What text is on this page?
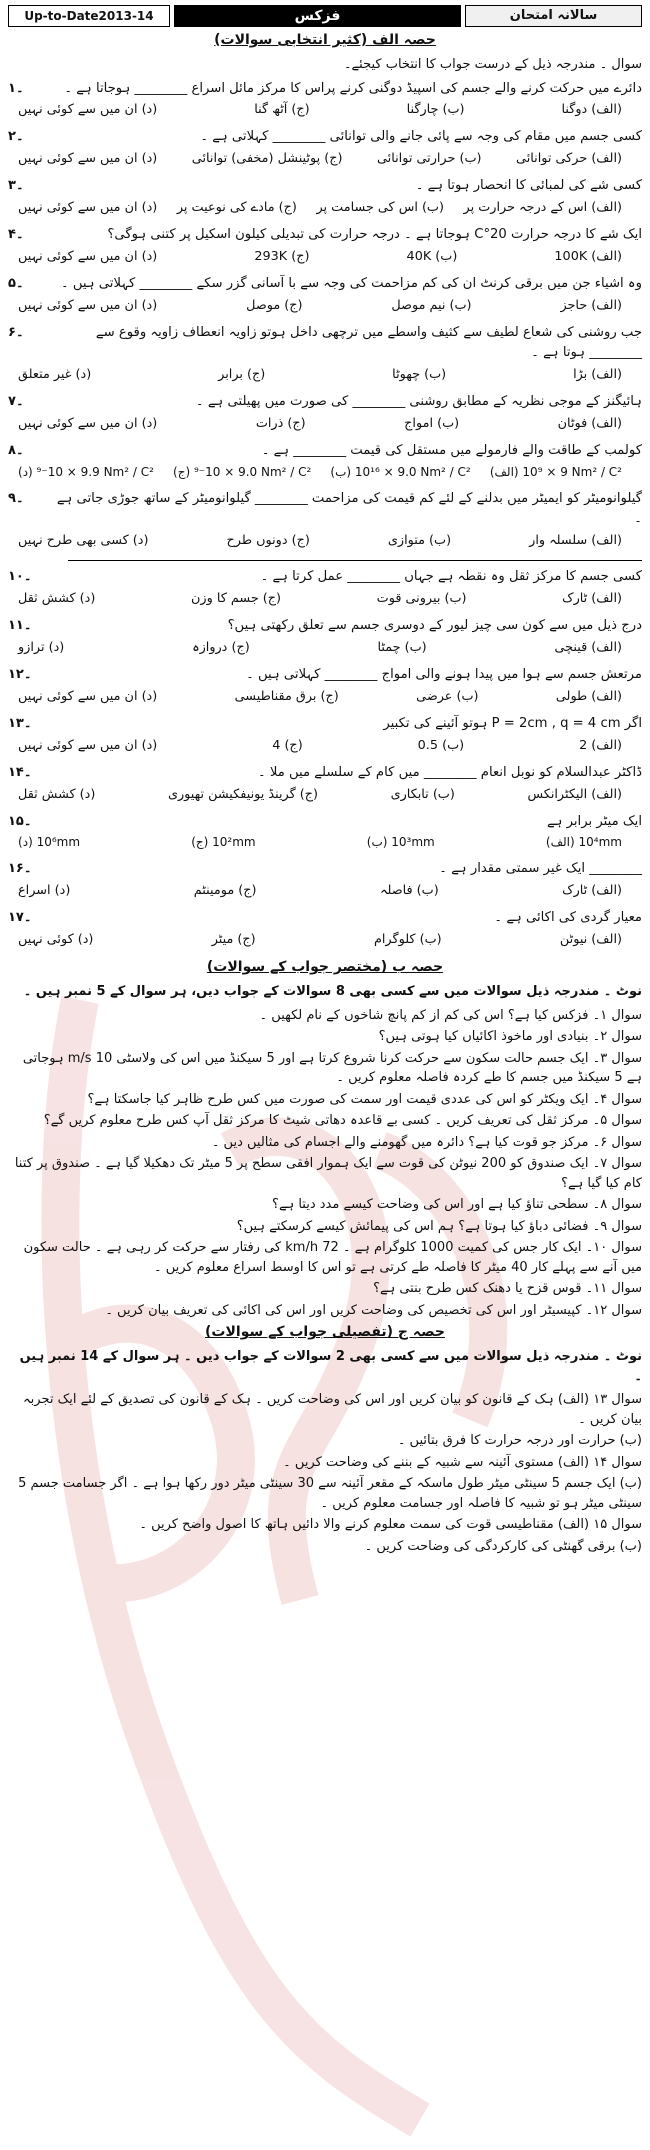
Up-to-Date2013-14	فزکس	سالانہ امتحان
حصہ الف (کثیر انتخابی سوالات)
سوال ۔ مندرجہ ذیل کے درست جواب کا انتخاب کیجئے۔
دائرے میں حرکت کرنے والے جسم کی اسپیڈ دوگنی کرنے پراس کا مرکز مائل اسراع ________ ہوجاتا ہے ۔
۱۔
(الف) دوگنا
(ب) چارگنا
(ج) آٹھ گنا
(د) ان میں سے کوئی نہیں
کسی جسم میں مقام کی وجہ سے پائی جانے والی توانائی ________ کہلاتی ہے ۔
۲۔
(الف) حرکی توانائی
(ب) حرارتی توانائی
(ج) پوٹینشل (مخفی) توانائی
(د) ان میں سے کوئی نہیں
کسی شے کی لمبائی کا انحصار ہوتا ہے ۔
۳۔
(الف) اس کے درجہ حرارت پر
(ب) اس کی جسامت پر
(ج) مادے کی نوعیت پر
(د) ان میں سے کوئی نہیں
ایک شے کا درجہ حرارت 20°C ہوجاتا ہے ۔ درجہ حرارت کی تبدیلی کیلون اسکیل پر کتنی ہوگی؟
۴۔
(الف) 100K
(ب) 40K
(ج) 293K
(د) ان میں سے کوئی نہیں
وہ اشیاء جن میں برقی کرنٹ ان کی کم مزاحمت کی وجہ سے با آسانی گزر سکے ________ کہلاتی ہیں ۔
۵۔
(الف) حاجز
(ب) نیم موصل
(ج) موصل
(د) ان میں سے کوئی نہیں
جب روشنی کی شعاع لطیف سے کثیف واسطے میں ترچھی داخل ہوتو زاویہ انعطاف زاویہ وقوع سے ________ ہوتا ہے ۔
۶۔
(الف) بڑا
(ب) چھوٹا
(ج) برابر
(د) غیر متعلق
ہائیگنز کے موجی نظریہ کے مطابق روشنی ________ کی صورت میں پھیلتی ہے ۔
۷۔
(الف) فوٹان
(ب) امواج
(ج) ذرات
(د) ان میں سے کوئی نہیں
کولمب کے طاقت والے فارمولے میں مستقل کی قیمت ________ ہے ۔
۸۔
(الف) 9 × 10⁹ Nm² / C²
(ب) 9.0 × 10¹⁶ Nm² / C²
(ج) 9.0 × 10⁻⁹ Nm² / C²
(د) 9.9 × 10⁻⁹ Nm² / C²
گیلوانومیٹر کو ایمیٹر میں بدلنے کے لئے کم قیمت کی مزاحمت ________ گیلوانومیٹر کے ساتھ جوڑی جاتی ہے ۔
۹۔
(الف) سلسلہ وار
(ب) متوازی
(ج) دونوں طرح
(د) کسی بھی طرح نہیں
کسی جسم کا مرکز ثقل وہ نقطہ ہے جہاں ________ عمل کرتا ہے ۔
۱۰۔
(الف) ٹارک
(ب) بیرونی قوت
(ج) جسم کا وزن
(د) کشش ثقل
درج ذیل میں سے کون سی چیز لیور کے دوسری جسم سے تعلق رکھتی ہیں؟
۱۱۔
(الف) قینچی
(ب) چمٹا
(ج) دروازہ
(د) ترازو
مرتعش جسم سے ہوا میں پیدا ہونے والی امواج ________ کہلاتی ہیں ۔
۱۲۔
(الف) طولی
(ب) عرضی
(ج) برق مقناطیسی
(د) ان میں سے کوئی نہیں
اگر P = 2cm , q = 4 cm ہوتو آئینے کی تکبیر
۱۳۔
(الف) 2
(ب) 0.5
(ج) 4
(د) ان میں سے کوئی نہیں
ڈاکٹر عبدالسلام کو نوبل انعام ________ میں کام کے سلسلے میں ملا ۔
۱۴۔
(الف) الیکٹرانکس
(ب) تابکاری
(ج) گرینڈ یونیفکیشن تھیوری
(د) کشش ثقل
ایک میٹر برابر ہے
۱۵۔
(الف) 10⁴mm
(ب) 10³mm
(ج) 10²mm
(د) 10⁶mm
________ ایک غیر سمتی مقدار ہے ۔
۱۶۔
(الف) ٹارک
(ب) فاصلہ
(ج) مومینٹم
(د) اسراع
معیار گردی کی اکائی ہے ۔
۱۷۔
(الف) نیوٹن
(ب) کلوگرام
(ج) میٹر
(د) کوئی نہیں
حصہ ب (مختصر جواب کے سوالات)
نوٹ ۔ مندرجہ ذیل سوالات میں سے کسی بھی 8 سوالات کے جواب دیں، ہر سوال کے 5 نمبر ہیں ۔
سوال ۱۔ فزکس کیا ہے؟ اس کی کم از کم پانچ شاخوں کے نام لکھیں ۔
سوال ۲۔ بنیادی اور ماخوذ اکائیاں کیا ہوتی ہیں؟
سوال ۳۔ ایک جسم حالت سکون سے حرکت کرنا شروع کرتا ہے اور 5 سیکنڈ میں اس کی ولاسٹی 10 m/s ہوجاتی ہے 5 سیکنڈ میں جسم کا طے کردہ فاصلہ معلوم کریں ۔
سوال ۴۔ ایک ویکٹر کو اس کی عددی قیمت اور سمت کی صورت میں کس طرح ظاہر کیا جاسکتا ہے؟
سوال ۵۔ مرکز ثقل کی تعریف کریں ۔ کسی بے قاعدہ دھاتی شیٹ کا مرکز ثقل آپ کس طرح معلوم کریں گے؟
سوال ۶۔ مرکز جو قوت کیا ہے؟ دائرہ میں گھومنے والے اجسام کی مثالیں دیں ۔
سوال ۷۔ ایک صندوق کو 200 نیوٹن کی قوت سے ایک ہموار افقی سطح پر 5 میٹر تک دھکیلا گیا ہے ۔ صندوق پر کتنا کام کیا گیا ہے؟
سوال ۸۔ سطحی تناؤ کیا ہے اور اس کی وضاحت کیسے مدد دیتا ہے؟
سوال ۹۔ فضائی دباؤ کیا ہوتا ہے؟ ہم اس کی پیمائش کیسے کرسکتے ہیں؟
سوال ۱۰۔ ایک کار جس کی کمیت 1000 کلوگرام ہے ۔ 72 km/h کی رفتار سے حرکت کر رہی ہے ۔ حالت سکون میں آنے سے پہلے کار 40 میٹر کا فاصلہ طے کرتی ہے تو اس کا اوسط اسراع معلوم کریں ۔
سوال ۱۱۔ قوس قزح یا دھنک کس طرح بنتی ہے؟
سوال ۱۲۔ کپیسیٹر اور اس کی تخصیص کی وضاحت کریں اور اس کی اکائی کی تعریف بیان کریں ۔
حصہ ج (تفصیلی جواب کے سوالات)
نوٹ ۔ مندرجہ ذیل سوالات میں سے کسی بھی 2 سوالات کے جواب دیں ۔ ہر سوال کے 14 نمبر ہیں ۔
سوال ۱۳ (الف) ہک کے قانون کو بیان کریں اور اس کی وضاحت کریں ۔ ہک کے قانون کی تصدیق کے لئے ایک تجربہ بیان کریں ۔
(ب) حرارت اور درجہ حرارت کا فرق بتائیں ۔
سوال ۱۴ (الف) مستوی آئینہ سے شبیہ کے بننے کی وضاحت کریں ۔
(ب) ایک جسم 5 سینٹی میٹر طول ماسکہ کے مقعر آئینہ سے 30 سینٹی میٹر دور رکھا ہوا ہے ۔ اگر جسامت جسم 5 سینٹی میٹر ہو تو شبیہ کا فاصلہ اور جسامت معلوم کریں ۔
سوال ۱۵ (الف) مقناطیسی قوت کی سمت معلوم کرنے والا دائیں ہاتھ کا اصول واضح کریں ۔
(ب) برقی گھنٹی کی کارکردگی کی وضاحت کریں ۔
